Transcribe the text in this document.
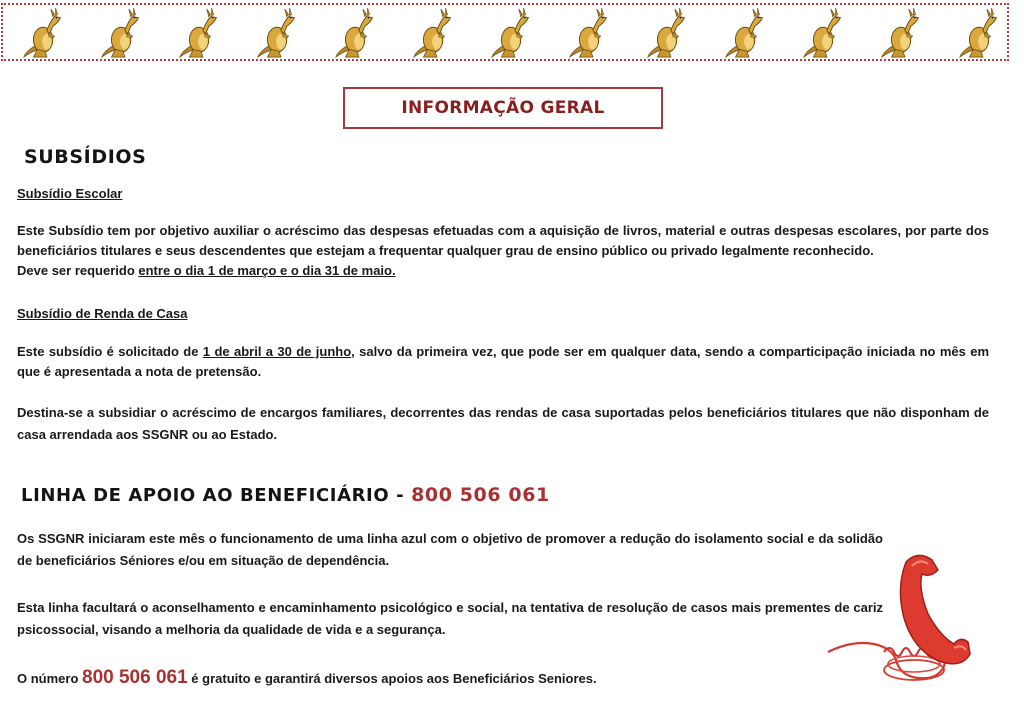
INFORMAÇÃO GERAL
SUBSÍDIOS
Subsídio Escolar

Este Subsídio tem por objetivo auxiliar o acréscimo das despesas efetuadas com a aquisição de livros, material e outras despesas escolares, por parte dos beneficiários titulares e seus descendentes que estejam a frequentar qualquer grau de ensino público ou privado legalmente reconhecido.
Deve ser requerido entre o dia 1 de março e o dia 31 de maio.

Subsídio de Renda de Casa

Este subsídio é solicitado de 1 de abril a 30 de junho, salvo da primeira vez, que pode ser em qualquer data, sendo a comparticipação iniciada no mês em que é apresentada a nota de pretensão.

Destina-se a subsidiar o acréscimo de encargos familiares, decorrentes das rendas de casa suportadas pelos beneficiários titulares que não disponham de casa arrendada aos SSGNR ou ao Estado.

LINHA DE APOIO AO BENEFICIÁRIO - 800 506 061

Os SSGNR iniciaram este mês o funcionamento de uma linha azul com o objetivo de promover a redução do isolamento social e da solidão de beneficiários Séniores e/ou em situação de dependência.

Esta linha facultará o aconselhamento e encaminhamento psicológico e social, na tentativa de resolução de casos mais prementes de cariz psicossocial, visando a melhoria da qualidade de vida e a segurança.

O número 800 506 061 é gratuito e garantirá diversos apoios aos Beneficiários Seniores.
